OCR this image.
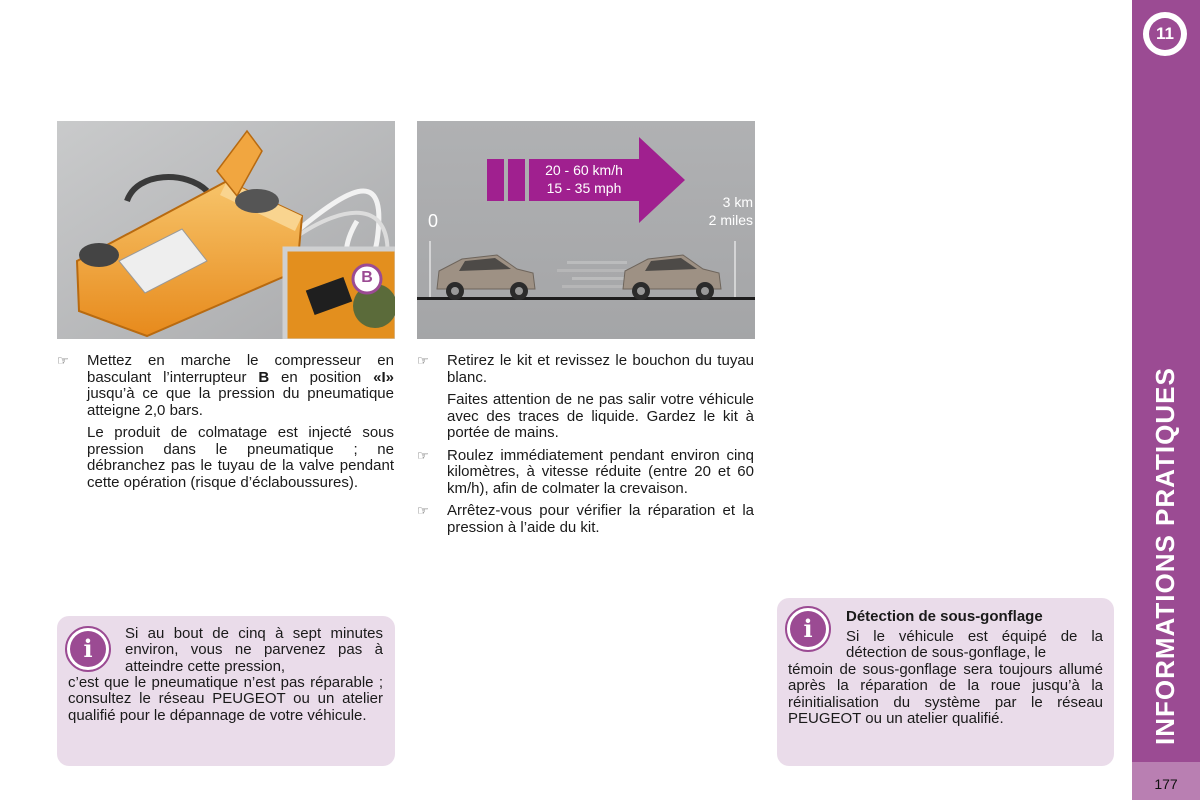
11
INFORMATIONS PRATIQUES
177
B
20 - 60 km/h
15 - 35 mph
0
3 km
2 miles
☞ Mettez en marche le compresseur en basculant l’interrupteur B en position «I» jusqu’à ce que la pression du pneumatique atteigne 2,0 bars.

Le produit de colmatage est injecté sous pression dans le pneumatique ; ne débranchez pas le tuyau de la valve pendant cette opération (risque d’éclaboussures).

☞ Retirez le kit et revissez le bouchon du tuyau blanc.

Faites attention de ne pas salir votre véhicule avec des traces de liquide. Gardez le kit à portée de mains.

☞ Roulez immédiatement pendant environ cinq kilomètres, à vitesse réduite (entre 20 et 60 km/h), afin de colmater la crevaison.
☞ Arrêtez-vous pour vérifier la réparation et la pression à l’aide du kit.
i
Si au bout de cinq à sept minutes environ, vous ne parvenez pas à atteindre cette pression,
c’est que le pneumatique n’est pas réparable ; consultez le réseau PEUGEOT ou un atelier qualifié pour le dépannage de votre véhicule.
i	Détection de sous-gonflage
Si le véhicule est équipé de la détection de sous-gonflage, le
témoin de sous-gonflage sera toujours allumé après la réparation de la roue jusqu’à la réinitialisation du système par le réseau PEUGEOT ou un atelier qualifié.
